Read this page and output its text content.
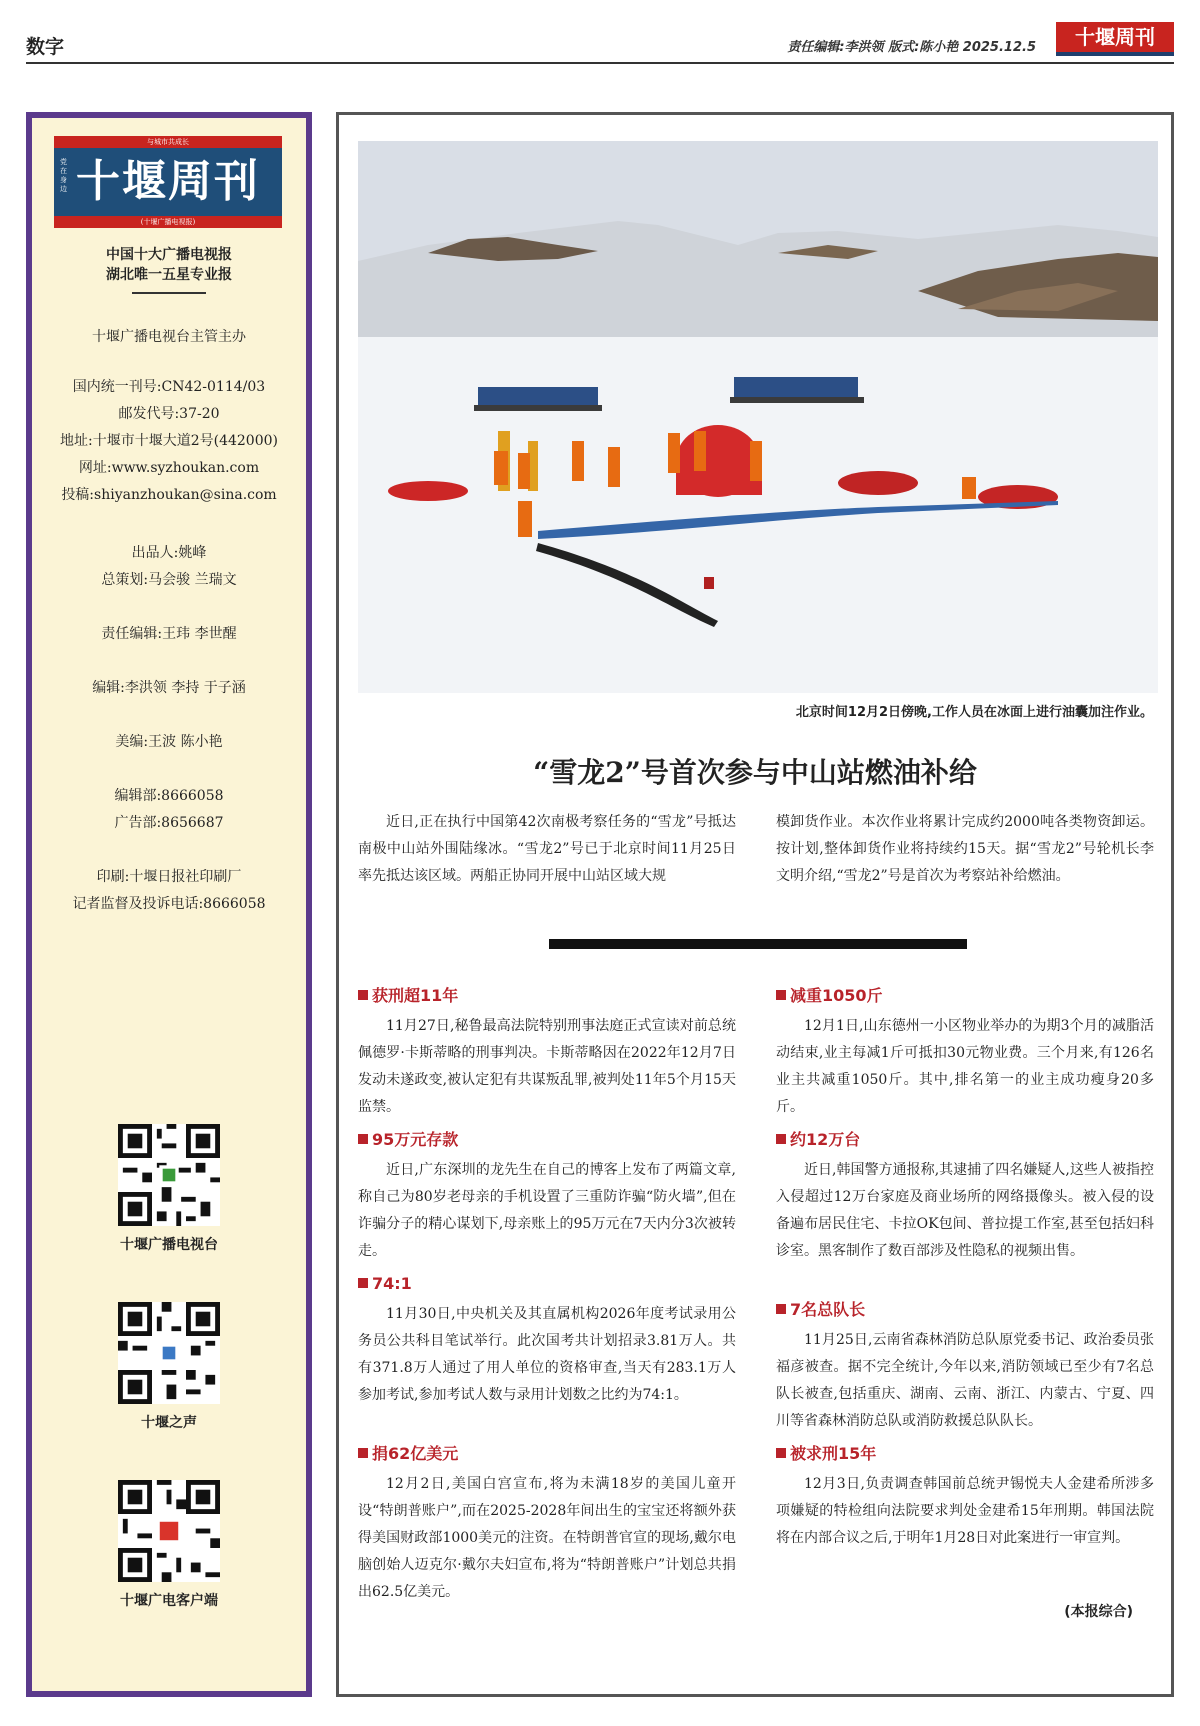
数字	责任编辑:李洪领 版式:陈小艳 2025.12.5	十堰周刊
与城市共成长
党在身边 十堰周刊
(十堰广播电视报)
中国十大广播电视报
湖北唯一五星专业报
十堰广播电视台主管主办
国内统一刊号:CN42-0114/03
邮发代号:37-20
地址:十堰市十堰大道2号(442000)
网址:www.syzhoukan.com
投稿:shiyanzhoukan@sina.com
出品人:姚峰
总策划:马会骏 兰瑞文
责任编辑:王玮 李世醒
编辑:李洪领 李持 于子涵
美编:王波 陈小艳
编辑部:8666058
广告部:8656687
印刷:十堰日报社印刷厂
记者监督及投诉电话:8666058
十堰广播电视台
十堰之声
十堰广电客户端
北京时间12月2日傍晚,工作人员在冰面上进行油囊加注作业。
“雪龙2”号首次参与中山站燃油补给
近日,正在执行中国第42次南极考察任务的“雪龙”号抵达南极中山站外围陆缘冰。“雪龙2”号已于北京时间11月25日率先抵达该区域。两船正协同开展中山站区域大规
模卸货作业。本次作业将累计完成约2000吨各类物资卸运。按计划,整体卸货作业将持续约15天。据“雪龙2”号轮机长李文明介绍,“雪龙2”号是首次为考察站补给燃油。
获刑超11年
11月27日,秘鲁最高法院特别刑事法庭正式宣读对前总统佩德罗·卡斯蒂略的刑事判决。卡斯蒂略因在2022年12月7日发动未遂政变,被认定犯有共谋叛乱罪,被判处11年5个月15天监禁。
95万元存款
近日,广东深圳的龙先生在自己的博客上发布了两篇文章,称自己为80岁老母亲的手机设置了三重防诈骗“防火墙”,但在诈骗分子的精心谋划下,母亲账上的95万元在7天内分3次被转走。
74:1
11月30日,中央机关及其直属机构2026年度考试录用公务员公共科目笔试举行。此次国考共计划招录3.81万人。共有371.8万人通过了用人单位的资格审查,当天有283.1万人参加考试,参加考试人数与录用计划数之比约为74:1。
捐62亿美元
12月2日,美国白宫宣布,将为未满18岁的美国儿童开设“特朗普账户”,而在2025-2028年间出生的宝宝还将额外获得美国财政部1000美元的注资。在特朗普官宣的现场,戴尔电脑创始人迈克尔·戴尔夫妇宣布,将为“特朗普账户”计划总共捐出62.5亿美元。
减重1050斤
12月1日,山东德州一小区物业举办的为期3个月的减脂活动结束,业主每减1斤可抵扣30元物业费。三个月来,有126名业主共减重1050斤。其中,排名第一的业主成功瘦身20多斤。
约12万台
近日,韩国警方通报称,其逮捕了四名嫌疑人,这些人被指控入侵超过12万台家庭及商业场所的网络摄像头。被入侵的设备遍布居民住宅、卡拉OK包间、普拉提工作室,甚至包括妇科诊室。黑客制作了数百部涉及性隐私的视频出售。
7名总队长
11月25日,云南省森林消防总队原党委书记、政治委员张福彦被查。据不完全统计,今年以来,消防领域已至少有7名总队长被查,包括重庆、湖南、云南、浙江、内蒙古、宁夏、四川等省森林消防总队或消防救援总队队长。
被求刑15年
12月3日,负责调查韩国前总统尹锡悦夫人金建希所涉多项嫌疑的特检组向法院要求判处金建希15年刑期。韩国法院将在内部合议之后,于明年1月28日对此案进行一审宣判。
(本报综合)
